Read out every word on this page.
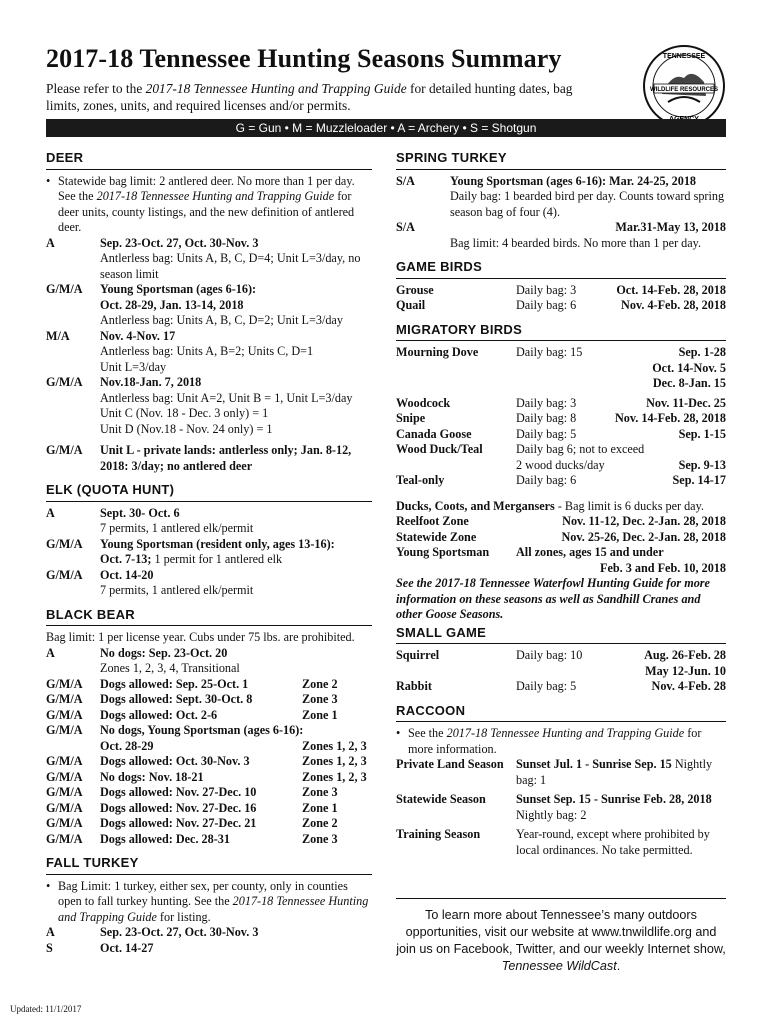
2017-18 Tennessee Hunting Seasons Summary
Please refer to the 2017-18 Tennessee Hunting and Trapping Guide for detailed hunting dates, bag limits, zones, units, and required licenses and/or permits.
WILDLIFE RESOURCES
TENNESSEE
G = Gun • M = Muzzleloader • A = Archery • S = Shotgun
DEER
• Statewide bag limit: 2 antlered deer. No more than 1 per day. See the 2017-18 Tennessee Hunting and Trapping Guide for deer units, county listings, and the new definition of antlered deer.
A	Sep. 23-Oct. 27, Oct. 30-Nov. 3
Antlerless bag: Units A, B, C, D=4; Unit L=3/day, no season limit
G/M/A	Young Sportsman (ages 6-16):
Oct. 28-29, Jan. 13-14, 2018
Antlerless bag: Units A, B, C, D=2; Unit L=3/day
M/A	Nov. 4-Nov. 17
Antlerless bag: Units A, B=2; Units C, D=1
Unit L=3/day
G/M/A	Nov.18-Jan. 7, 2018
Antlerless bag: Unit A=2, Unit B = 1, Unit L=3/day
Unit C (Nov. 18 - Dec. 3 only) = 1
Unit D (Nov.18 - Nov. 24 only) = 1
G/M/A	Unit L - private lands: antlerless only; Jan. 8-12, 2018: 3/day; no antlered deer
ELK (QUOTA HUNT)
A	Sept. 30- Oct. 6
7 permits, 1 antlered elk/permit
G/M/A	Young Sportsman (resident only, ages 13-16):
Oct. 7-13; 1 permit for 1 antlered elk
G/M/A	Oct. 14-20
7 permits, 1 antlered elk/permit
BLACK BEAR
Bag limit: 1 per license year. Cubs under 75 lbs. are prohibited.
A	No dogs: Sep. 23-Oct. 20
Zones 1, 2, 3, 4, Transitional
G/M/A	Dogs allowed: Sep. 25-Oct. 1	Zone 2
G/M/A	Dogs allowed: Sept. 30-Oct. 8	Zone 3
G/M/A	Dogs allowed: Oct. 2-6	Zone 1
G/M/A	No dogs, Young Sportsman (ages 6-16):
Oct. 28-29	Zones 1, 2, 3
G/M/A	Dogs allowed: Oct. 30-Nov. 3	Zones 1, 2, 3
G/M/A	No dogs: Nov. 18-21	Zones 1, 2, 3
G/M/A	Dogs allowed: Nov. 27-Dec. 10	Zone 3
G/M/A	Dogs allowed: Nov. 27-Dec. 16	Zone 1
G/M/A	Dogs allowed: Nov. 27-Dec. 21	Zone 2
G/M/A	Dogs allowed: Dec. 28-31	Zone 3
FALL TURKEY
• Bag Limit: 1 turkey, either sex, per county, only in counties open to fall turkey hunting. See the 2017-18 Tennessee Hunting and Trapping Guide for listing.
A	Sep. 23-Oct. 27, Oct. 30-Nov. 3
S	Oct. 14-27
SPRING TURKEY
S/A	Young Sportsman (ages 6-16): Mar. 24-25, 2018
Daily bag: 1 bearded bird per day. Counts toward spring season bag of four (4).
S/A	Mar.31-May 13, 2018
Bag limit: 4 bearded birds. No more than 1 per day.
GAME BIRDS
Grouse	Daily bag: 3	Oct. 14-Feb. 28, 2018
Quail	Daily bag: 6	Nov. 4-Feb. 28, 2018
MIGRATORY BIRDS
Mourning Dove	Daily bag: 15	Sep. 1-28
Oct. 14-Nov. 5
Dec. 8-Jan. 15
Woodcock	Daily bag: 3	Nov. 11-Dec. 25
Snipe	Daily bag: 8	Nov. 14-Feb. 28, 2018
Canada Goose	Daily bag: 5	Sep. 1-15
Wood Duck/Teal	Daily bag 6; not to exceed
2 wood ducks/day	Sep. 9-13
Teal-only	Daily bag: 6	Sep. 14-17
Ducks, Coots, and Mergansers - Bag limit is 6 ducks per day.
Reelfoot Zone	Nov. 11-12, Dec. 2-Jan. 28, 2018
Statewide Zone	Nov. 25-26, Dec. 2-Jan. 28, 2018
Young Sportsman	All zones, ages 15 and under
Feb. 3 and Feb. 10, 2018
See the 2017-18 Tennessee Waterfowl Hunting Guide for more information on these seasons as well as Sandhill Cranes and other Goose Seasons.
SMALL GAME
Squirrel	Daily bag: 10	Aug. 26-Feb. 28
May 12-Jun. 10
Rabbit	Daily bag: 5	Nov. 4-Feb. 28
RACCOON
• See the 2017-18 Tennessee Hunting and Trapping Guide for more information.
Private Land Season	Sunset Jul. 1 - Sunrise Sep. 15 Nightly bag: 1
Statewide Season	Sunset Sep. 15 - Sunrise Feb. 28, 2018
Nightly bag: 2
Training Season	Year-round, except where prohibited by local ordinances. No take permitted.
To learn more about Tennessee’s many outdoors opportunities, visit our website at www.tnwildlife.org and join us on Facebook, Twitter, and our weekly Internet show, Tennessee WildCast.
Updated: 11/1/2017
